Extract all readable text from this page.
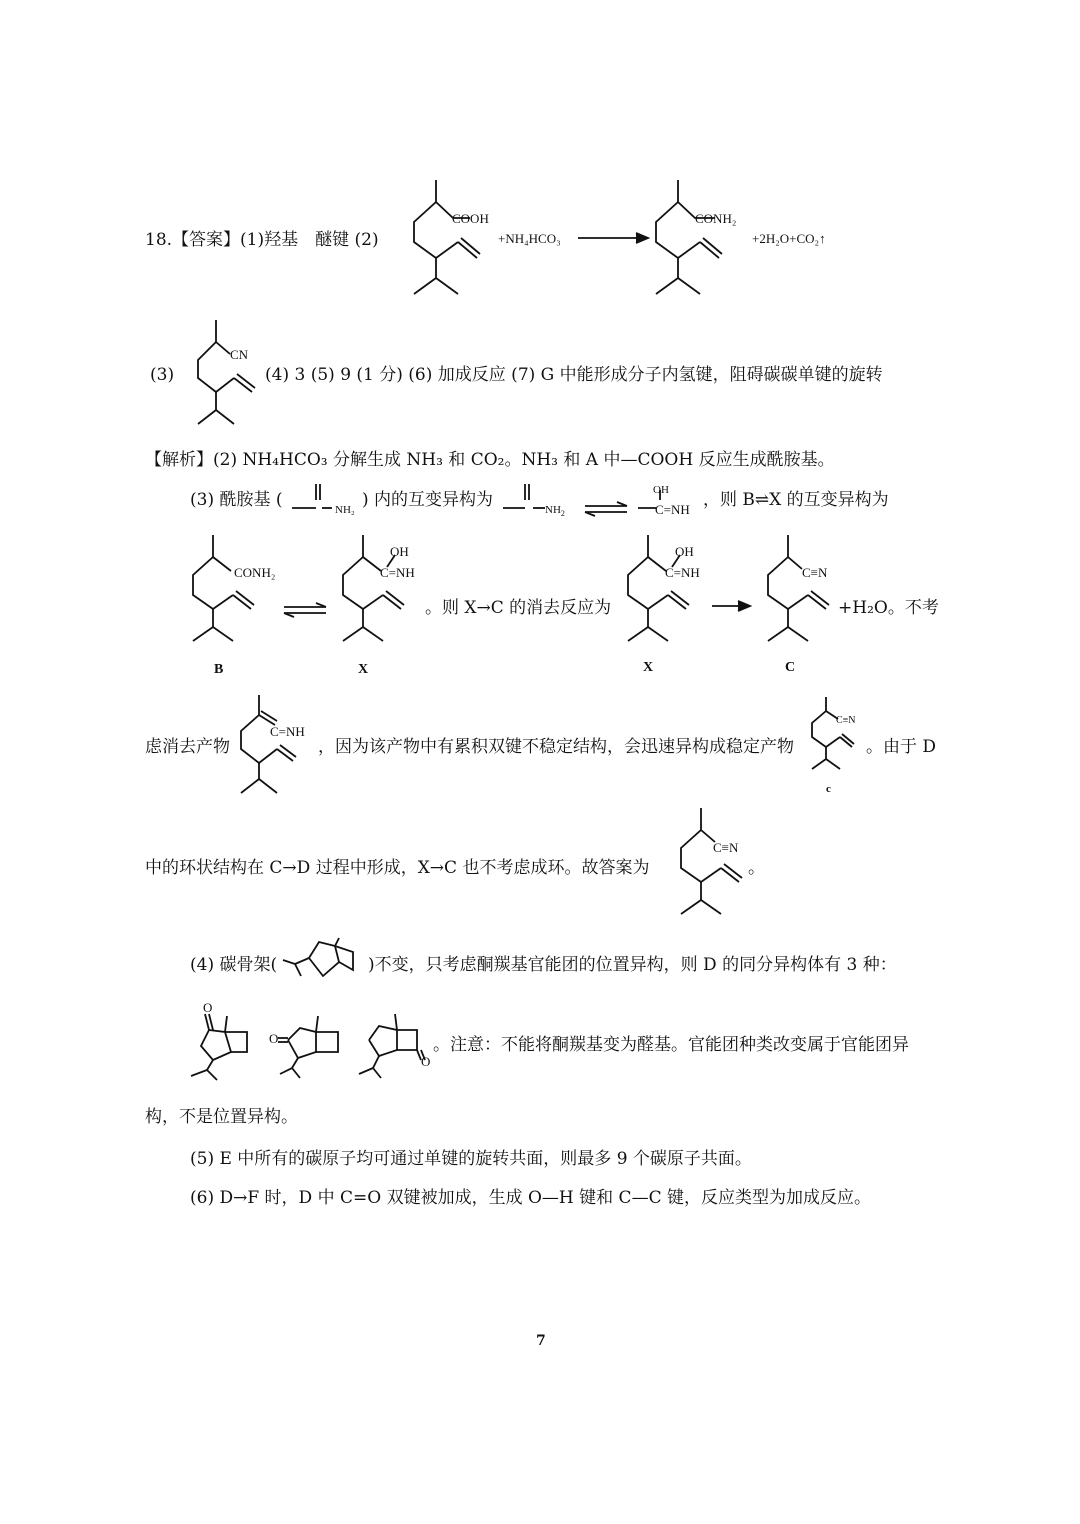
18.【答案】(1)羟基　醚键 (2)
COOH
+NH₄HCO₃
CONH₂
+2H₂O+CO₂↑
(3)
CN
(4) 3 (5) 9 (1 分) (6) 加成反应 (7) G 中能形成分子内氢键，阻碍碳碳单键的旋转
【解析】(2) NH₄HCO₃ 分解生成 NH₃ 和 CO₂。NH₃ 和 A 中—COOH 反应生成酰胺基。
(3) 酰胺基 (	NH₂ ) 内的互变异构为	$NH_2$ ⇌
OH
C=NH ，则 B⇌X 的互变异构为
CONH₂
OH
C=NH
。则 X→C 的消去反应为
OH
C=NH	C≡N
+H₂O。不考
B	X	X	C
虑消去产物
C=NH
，因为该产物中有累积双键不稳定结构，会迅速异构成稳定产物
C≡N
c
。由于 D
中的环状结构在 C→D 过程中形成，X→C 也不考虑成环。故答案为
C≡N
。
(4) 碳骨架(	)不变，只考虑酮羰基官能团的位置异构，则 D 的同分异构体有 3 种：
O
O
O
。注意：不能将酮羰基变为醛基。官能团种类改变属于官能团异
构，不是位置异构。
(5) E 中所有的碳原子均可通过单键的旋转共面，则最多 9 个碳原子共面。
(6) D→F 时，D 中 C=O 双键被加成，生成 O—H 键和 C—C 键，反应类型为加成反应。
7
